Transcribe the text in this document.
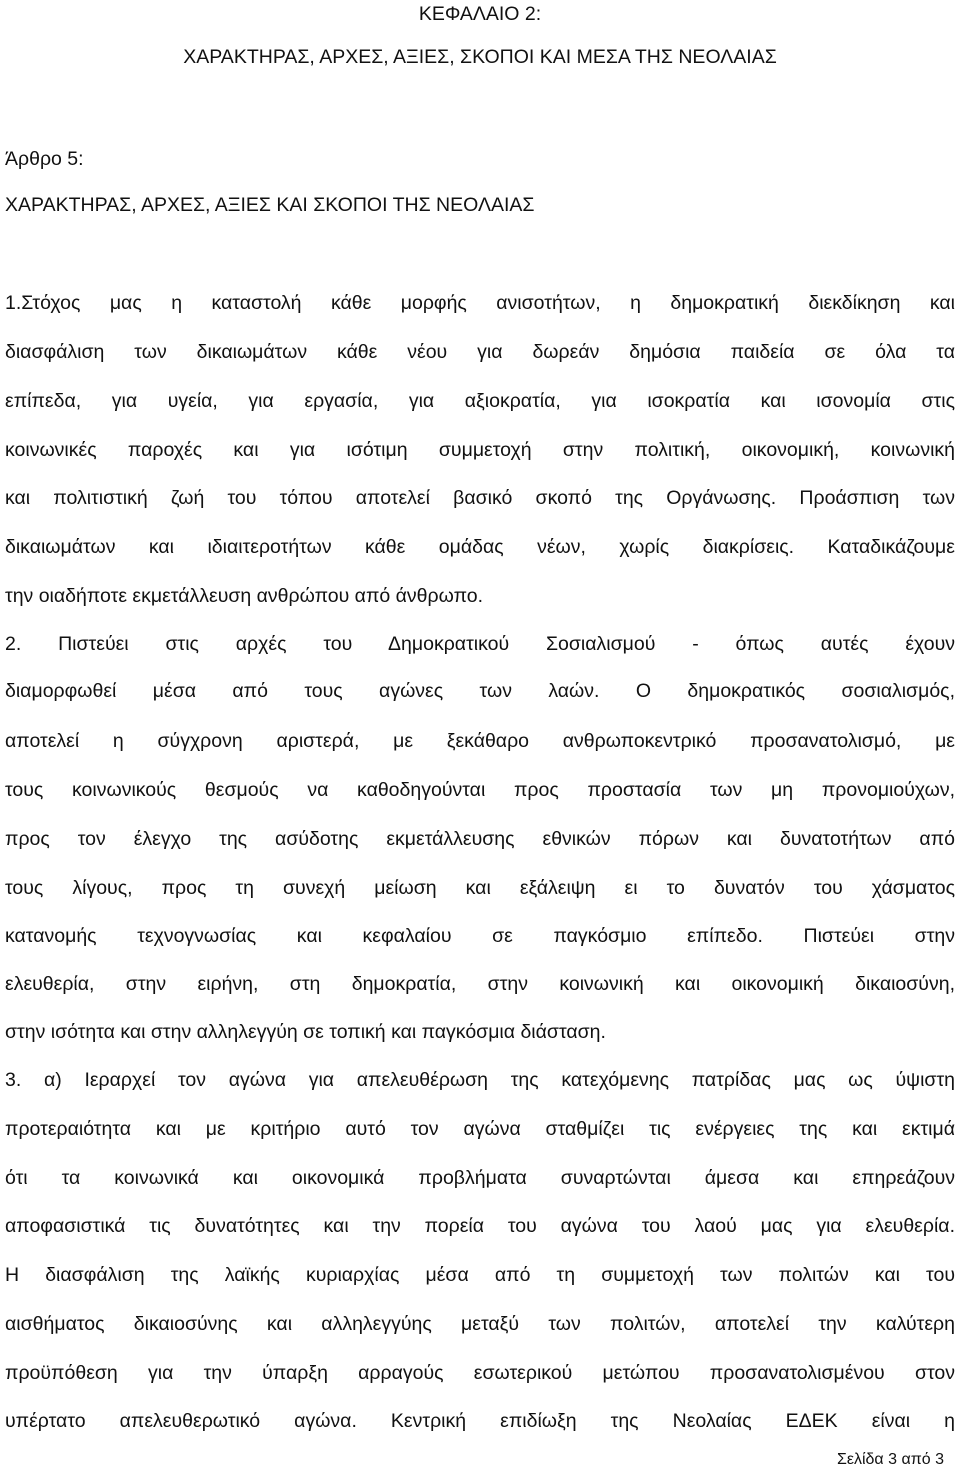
ΚΕΦΑΛΑΙΟ 2:
ΧΑΡΑΚΤΗΡΑΣ, ΑΡΧΕΣ, ΑΞΙΕΣ, ΣΚΟΠΟΙ ΚΑΙ ΜΕΣΑ ΤΗΣ ΝΕΟΛΑΙΑΣ
Άρθρο 5:
ΧΑΡΑΚΤΗΡΑΣ, ΑΡΧΕΣ, ΑΞΙΕΣ ΚΑΙ ΣΚΟΠΟΙ ΤΗΣ ΝΕΟΛΑΙΑΣ
1.Στόχος μας η καταστολή κάθε μορφής ανισοτήτων, η δημοκρατική διεκδίκηση και
διασφάλιση των δικαιωμάτων κάθε νέου για δωρεάν δημόσια παιδεία σε όλα τα
επίπεδα, για υγεία, για εργασία, για αξιοκρατία, για ισοκρατία και ισονομία στις
κοινωνικές παροχές και για ισότιμη συμμετοχή στην πολιτική, οικονομική, κοινωνική
και πολιτιστική ζωή του τόπου αποτελεί βασικό σκοπό της Οργάνωσης. Προάσπιση των
δικαιωμάτων και ιδιαιτεροτήτων κάθε ομάδας νέων, χωρίς διακρίσεις. Καταδικάζουμε
την οιαδήποτε εκμετάλλευση ανθρώπου από άνθρωπο.
2. Πιστεύει στις αρχές του Δημοκρατικού Σοσιαλισμού - όπως αυτές έχουν
διαμορφωθεί μέσα από τους αγώνες των λαών. Ο δημοκρατικός σοσιαλισμός,
αποτελεί η σύγχρονη αριστερά, με ξεκάθαρο ανθρωποκεντρικό προσανατολισμό, με
τους κοινωνικούς θεσμούς να καθοδηγούνται προς προστασία των μη προνομιούχων,
προς τον έλεγχο της ασύδοτης εκμετάλλευσης εθνικών πόρων και δυνατοτήτων από
τους λίγους, προς τη συνεχή μείωση και εξάλειψη ει το δυνατόν του χάσματος
κατανομής τεχνογνωσίας και κεφαλαίου σε παγκόσμιο επίπεδο. Πιστεύει στην
ελευθερία, στην ειρήνη, στη δημοκρατία, στην κοινωνική και οικονομική δικαιοσύνη,
στην ισότητα και στην αλληλεγγύη σε τοπική και παγκόσμια διάσταση.
3. α) Ιεραρχεί τον αγώνα για απελευθέρωση της κατεχόμενης πατρίδας μας ως ύψιστη
προτεραιότητα και με κριτήριο αυτό τον αγώνα σταθμίζει τις ενέργειες της και εκτιμά
ότι τα κοινωνικά και οικονομικά προβλήματα συναρτώνται άμεσα και επηρεάζουν
αποφασιστικά τις δυνατότητες και την πορεία του αγώνα του λαού μας για ελευθερία.
Η διασφάλιση της λαϊκής κυριαρχίας μέσα από τη συμμετοχή των πολιτών και του
αισθήματος δικαιοσύνης και αλληλεγγύης μεταξύ των πολιτών, αποτελεί την καλύτερη
προϋπόθεση για την ύπαρξη αρραγούς εσωτερικού μετώπου προσανατολισμένου στον
υπέρτατο απελευθερωτικό αγώνα. Κεντρική επιδίωξη της Νεολαίας ΕΔΕΚ είναι η
Σελίδα 3 από 3
